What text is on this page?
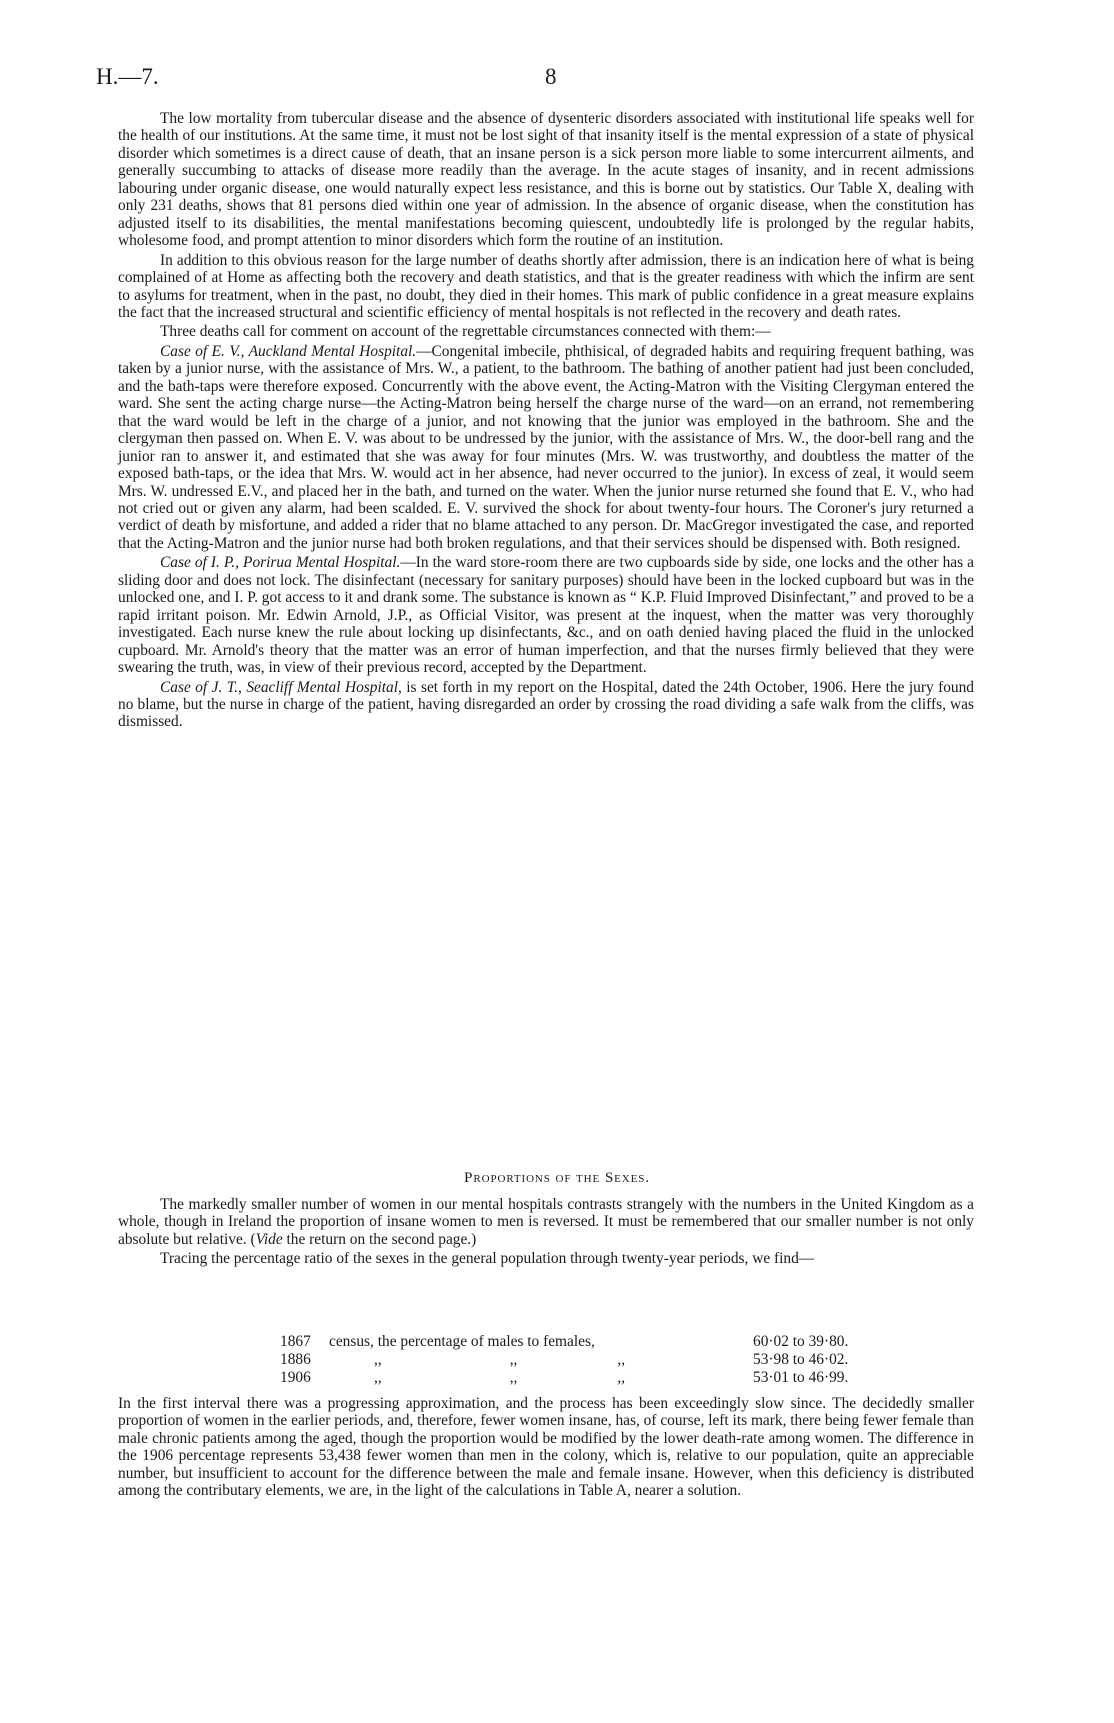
H.—7.	8

The low mortality from tubercular disease and the absence of dysenteric disorders associated with institutional life speaks well for the health of our institutions. At the same time, it must not be lost sight of that insanity itself is the mental expression of a state of physical disorder which sometimes is a direct cause of death, that an insane person is a sick person more liable to some intercurrent ailments, and generally succumbing to attacks of disease more readily than the average. In the acute stages of insanity, and in recent admissions labouring under organic disease, one would naturally expect less resistance, and this is borne out by statistics. Our Table X, dealing with only 231 deaths, shows that 81 persons died within one year of admission. In the absence of organic disease, when the constitution has adjusted itself to its disabilities, the mental manifestations becoming quiescent, undoubtedly life is prolonged by the regular habits, wholesome food, and prompt attention to minor disorders which form the routine of an institution.

In addition to this obvious reason for the large number of deaths shortly after admission, there is an indication here of what is being complained of at Home as affecting both the recovery and death statistics, and that is the greater readiness with which the infirm are sent to asylums for treatment, when in the past, no doubt, they died in their homes. This mark of public confidence in a great measure explains the fact that the increased structural and scientific efficiency of mental hospitals is not reflected in the recovery and death rates.

Three deaths call for comment on account of the regrettable circumstances connected with them:—

Case of E. V., Auckland Mental Hospital.—Congenital imbecile, phthisical, of degraded habits and requiring frequent bathing, was taken by a junior nurse, with the assistance of Mrs. W., a patient, to the bathroom. The bathing of another patient had just been concluded, and the bath-taps were therefore exposed. Concurrently with the above event, the Acting-Matron with the Visiting Clergyman entered the ward. She sent the acting charge nurse—the Acting-Matron being herself the charge nurse of the ward—on an errand, not remembering that the ward would be left in the charge of a junior, and not knowing that the junior was employed in the bathroom. She and the clergyman then passed on. When E. V. was about to be undressed by the junior, with the assistance of Mrs. W., the door-bell rang and the junior ran to answer it, and estimated that she was away for four minutes (Mrs. W. was trustworthy, and doubtless the matter of the exposed bath-taps, or the idea that Mrs. W. would act in her absence, had never occurred to the junior). In excess of zeal, it would seem Mrs. W. undressed E.V., and placed her in the bath, and turned on the water. When the junior nurse returned she found that E. V., who had not cried out or given any alarm, had been scalded. E. V. survived the shock for about twenty-four hours. The Coroner's jury returned a verdict of death by misfortune, and added a rider that no blame attached to any person. Dr. MacGregor investigated the case, and reported that the Acting-Matron and the junior nurse had both broken regulations, and that their services should be dispensed with. Both resigned.

Case of I. P., Porirua Mental Hospital.—In the ward store-room there are two cupboards side by side, one locks and the other has a sliding door and does not lock. The disinfectant (necessary for sanitary purposes) should have been in the locked cupboard but was in the unlocked one, and I. P. got access to it and drank some. The substance is known as “ K.P. Fluid Improved Disinfectant,” and proved to be a rapid irritant poison. Mr. Edwin Arnold, J.P., as Official Visitor, was present at the inquest, when the matter was very thoroughly investigated. Each nurse knew the rule about locking up disinfectants, &c., and on oath denied having placed the fluid in the unlocked cupboard. Mr. Arnold's theory that the matter was an error of human imperfection, and that the nurses firmly believed that they were swearing the truth, was, in view of their previous record, accepted by the Department.

Case of J. T., Seacliff Mental Hospital, is set forth in my report on the Hospital, dated the 24th October, 1906. Here the jury found no blame, but the nurse in charge of the patient, having disregarded an order by crossing the road dividing a safe walk from the cliffs, was dismissed.

Proportions of the Sexes.

The markedly smaller number of women in our mental hospitals contrasts strangely with the numbers in the United Kingdom as a whole, though in Ireland the proportion of insane women to men is reversed. It must be remembered that our smaller number is not only absolute but relative. (Vide the return on the second page.)

Tracing the percentage ratio of the sexes in the general population through twenty-year periods, we find—

1867	census, the percentage of males to females,	60·02 to 39·80.
1886	,, ,, ,,	53·98 to 46·02.
1906	,, ,, ,,	53·01 to 46·99.

In the first interval there was a progressing approximation, and the process has been exceedingly slow since. The decidedly smaller proportion of women in the earlier periods, and, therefore, fewer women insane, has, of course, left its mark, there being fewer female than male chronic patients among the aged, though the proportion would be modified by the lower death-rate among women. The difference in the 1906 percentage represents 53,438 fewer women than men in the colony, which is, relative to our population, quite an appreciable number, but insufficient to account for the difference between the male and female insane. However, when this deficiency is distributed among the contributary elements, we are, in the light of the calculations in Table A, nearer a solution.
